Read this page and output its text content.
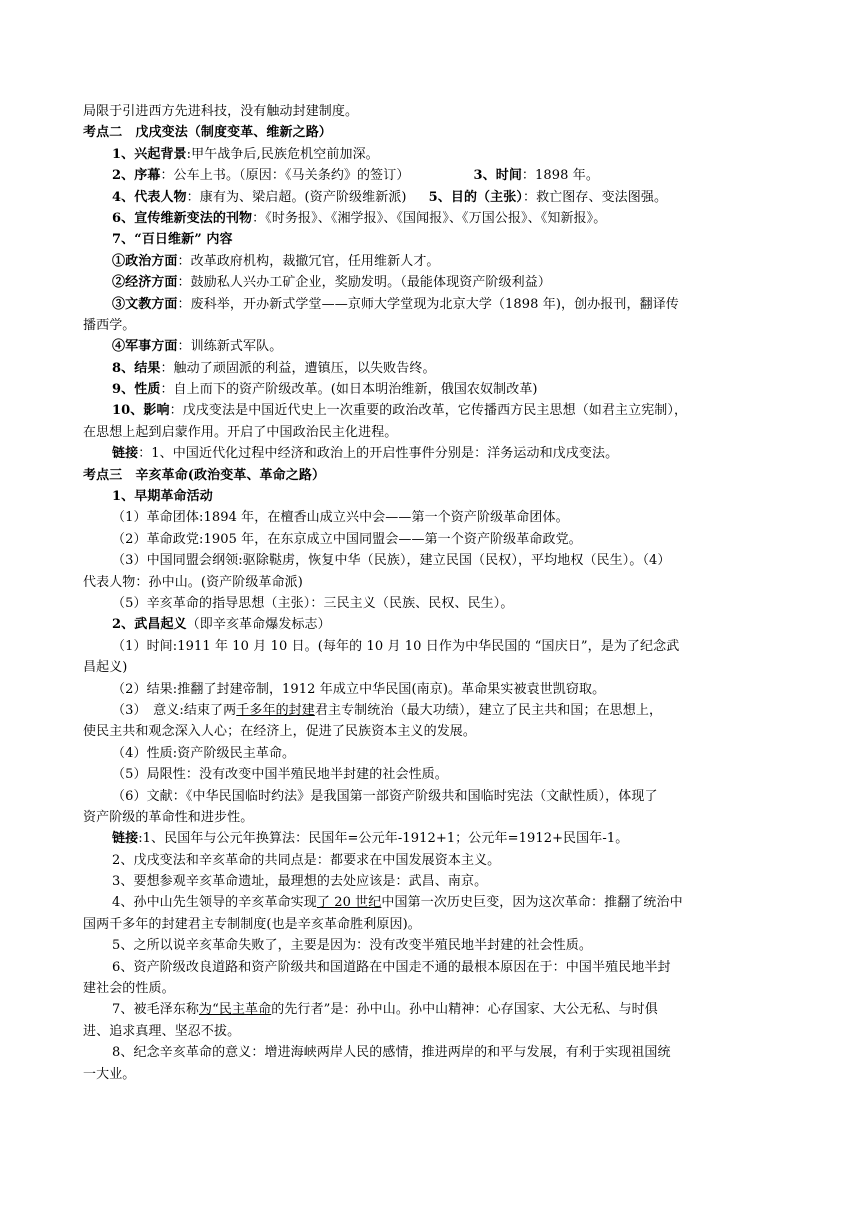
局限于引进西方先进科技，没有触动封建制度。
考点二　戊戌变法（制度变革、维新之路）
1、兴起背景:甲午战争后,民族危机空前加深。
2、序幕：公车上书。（原因：《马关条约》的签订）	3、时间：1898 年。
4、代表人物：康有为、梁启超。(资产阶级维新派) 5、目的（主张）：救亡图存、变法图强。
6、宣传维新变法的刊物：《时务报》、《湘学报》、《国闻报》、《万国公报》、《知新报》。
7、“百日维新” 内容
①政治方面：改革政府机构，裁撤冗官，任用维新人才。
②经济方面：鼓励私人兴办工矿企业，奖励发明。（最能体现资产阶级利益）
③文教方面：废科举，开办新式学堂——京师大学堂现为北京大学（1898 年)，创办报刊，翻译传
播西学。
④军事方面：训练新式军队。
8、结果：触动了顽固派的利益，遭镇压，以失败告终。
9、性质：自上而下的资产阶级改革。(如日本明治维新，俄国农奴制改革)
10、影响：戊戌变法是中国近代史上一次重要的政治改革，它传播西方民主思想（如君主立宪制），
在思想上起到启蒙作用。开启了中国政治民主化进程。
链接：1、中国近代化过程中经济和政治上的开启性事件分别是：洋务运动和戊戌变法。
考点三　辛亥革命(政治变革、革命之路）
1、早期革命活动
（1）革命团体:1894 年，在檀香山成立兴中会——第一个资产阶级革命团体。
（2）革命政党:1905 年，在东京成立中国同盟会——第一个资产阶级革命政党。
（3）中国同盟会纲领:驱除鞑虏，恢复中华（民族），建立民国（民权），平均地权（民生）。（4）
代表人物：孙中山。(资产阶级革命派)
（5）辛亥革命的指导思想（主张）：三民主义（民族、民权、民生）。
2、武昌起义（即辛亥革命爆发标志）
（1）时间:1911 年 10 月 10 日。(每年的 10 月 10 日作为中华民国的 “国庆日”，是为了纪念武
昌起义)
（2）结果:推翻了封建帝制，1912 年成立中华民国(南京)。革命果实被袁世凯窃取。
（3）　意义:结束了两千多年的封建君主专制统治（最大功绩），建立了民主共和国；在思想上，
使民主共和观念深入人心；在经济上，促进了民族资本主义的发展。
（4）性质:资产阶级民主革命。
（5）局限性：没有改变中国半殖民地半封建的社会性质。
（6）文献：《中华民国临时约法》是我国第一部资产阶级共和国临时宪法（文献性质），体现了
资产阶级的革命性和进步性。
链接:1、民国年与公元年换算法：民国年=公元年-1912+1；公元年=1912+民国年-1。
2、戊戌变法和辛亥革命的共同点是：都要求在中国发展资本主义。
3、要想参观辛亥革命遗址，最理想的去处应该是：武昌、南京。
4、孙中山先生领导的辛亥革命实现了 20 世纪中国第一次历史巨变，因为这次革命：推翻了统治中
国两千多年的封建君主专制制度(也是辛亥革命胜利原因)。
5、之所以说辛亥革命失败了，主要是因为：没有改变半殖民地半封建的社会性质。
6、资产阶级改良道路和资产阶级共和国道路在中国走不通的最根本原因在于：中国半殖民地半封
建社会的性质。
7、被毛泽东称为“民主革命的先行者”是：孙中山。孙中山精神：心存国家、大公无私、与时俱
进、追求真理、坚忍不拔。
8、纪念辛亥革命的意义：增进海峡两岸人民的感情，推进两岸的和平与发展，有利于实现祖国统
一大业。
